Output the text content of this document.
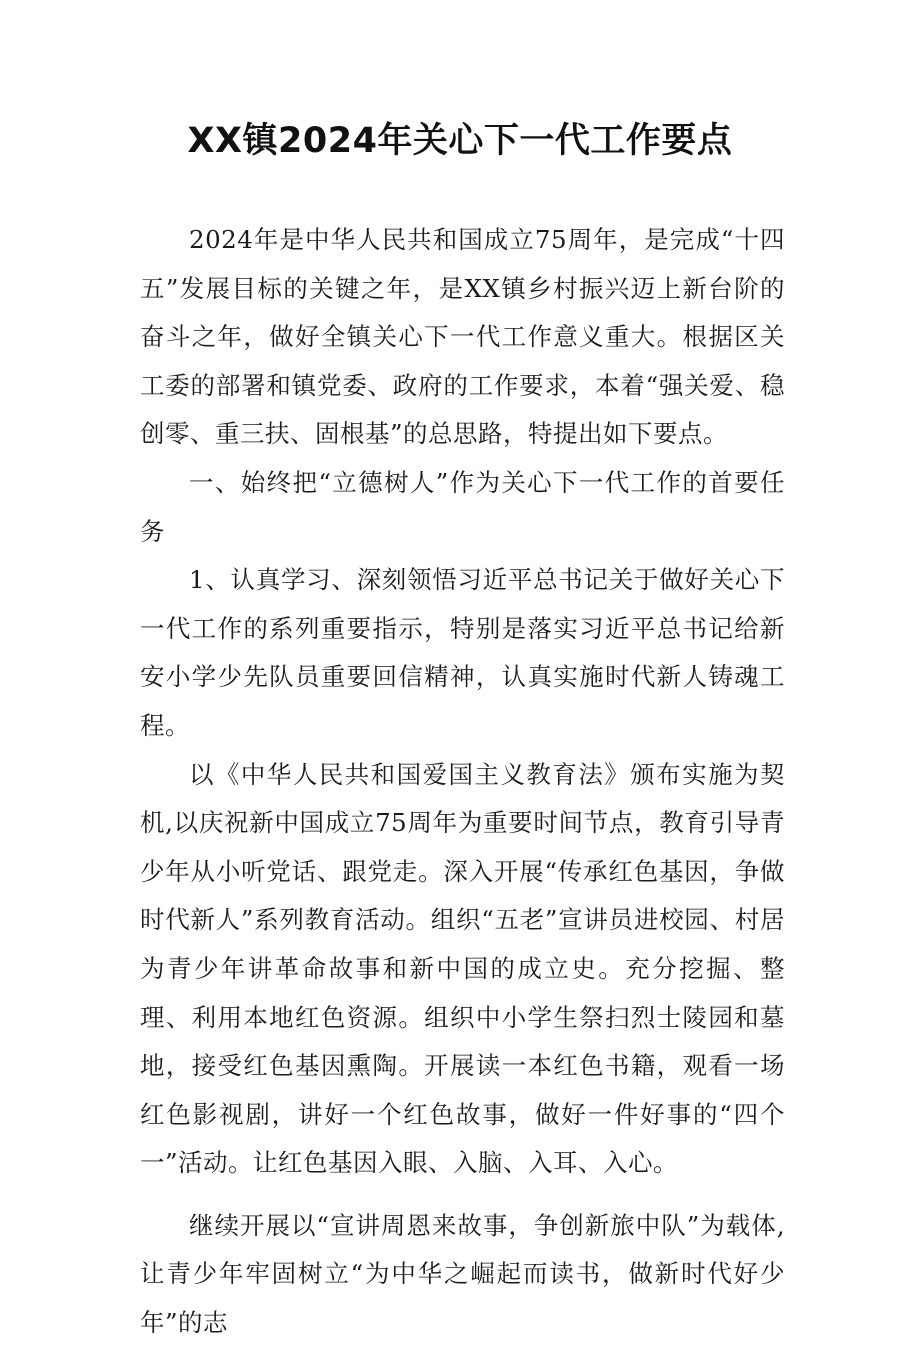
XX镇2024年关心下一代工作要点

2024年是中华人民共和国成立75周年，是完成“十四五”发展目标的关键之年，是XX镇乡村振兴迈上新台阶的奋斗之年，做好全镇关心下一代工作意义重大。根据区关工委的部署和镇党委、政府的工作要求，本着“强关爱、稳创零、重三扶、固根基”的总思路，特提出如下要点。

一、始终把“立德树人”作为关心下一代工作的首要任务

1、认真学习、深刻领悟习近平总书记关于做好关心下一代工作的系列重要指示，特别是落实习近平总书记给新安小学少先队员重要回信精神，认真实施时代新人铸魂工程。

以《中华人民共和国爱国主义教育法》颁布实施为契机,以庆祝新中国成立75周年为重要时间节点，教育引导青少年从小听党话、跟党走。深入开展“传承红色基因，争做时代新人”系列教育活动。组织“五老”宣讲员进校园、村居为青少年讲革命故事和新中国的成立史。充分挖掘、整理、利用本地红色资源。组织中小学生祭扫烈士陵园和墓地，接受红色基因熏陶。开展读一本红色书籍，观看一场红色影视剧，讲好一个红色故事，做好一件好事的“四个一”活动。让红色基因入眼、入脑、入耳、入心。

继续开展以“宣讲周恩来故事，争创新旅中队”为载体,让青少年牢固树立“为中华之崛起而读书，做新时代好少年”的志
